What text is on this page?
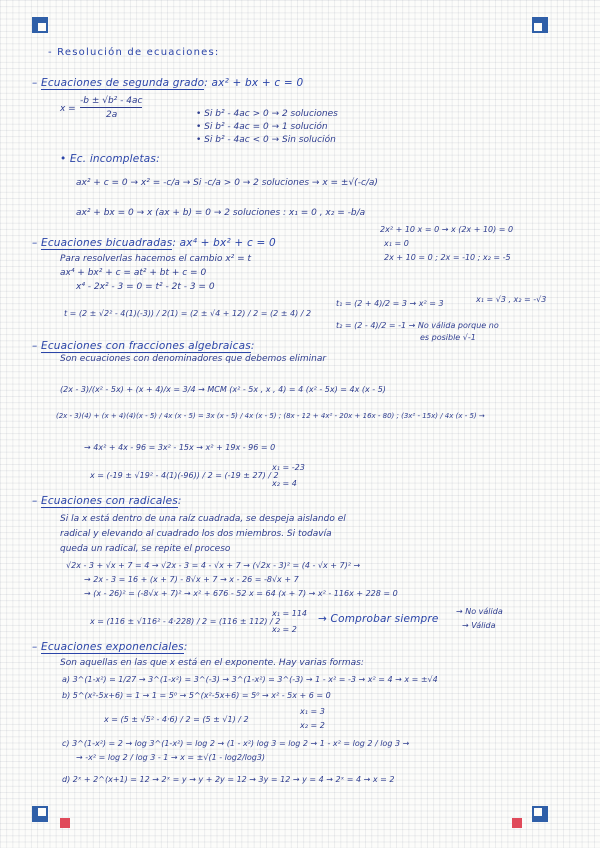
- Resolución de ecuaciones:
– Ecuaciones de segunda grado: ax² + bx + c = 0
x =
-b ± √b² - 4ac
2a	• Si b² - 4ac > 0 → 2 soluciones
• Si b² - 4ac = 0 → 1 solución
• Si b² - 4ac < 0 → Sin solución
• Ec. incompletas:
ax² + c = 0 → x² = -c/a → Si -c/a > 0 → 2 soluciones → x = ±√(-c/a)
ax² + bx = 0 → x (ax + b) = 0 → 2 soluciones : x₁ = 0 , x₂ = -b/a
2x² + 10 x = 0 → x (2x + 10) = 0
x₁ = 0
2x + 10 = 0 ; 2x = -10 ; x₂ = -5
– Ecuaciones bicuadradas: ax⁴ + bx² + c = 0
Para resolverlas hacemos el cambio x² = t
ax⁴ + bx² + c = at² + bt + c = 0
x⁴ - 2x² - 3 = 0 = t² - 2t - 3 = 0
t = (2 ± √2² - 4(1)(-3)) / 2(1) = (2 ± √4 + 12) / 2 = (2 ± 4) / 2
t₁ = (2 + 4)/2 = 3 → x² = 3	x₁ = √3 , x₂ = -√3
t₂ = (2 - 4)/2 = -1 → No válida porque no
es posible √-1
– Ecuaciones con fracciones algebraicas:
Son ecuaciones con denominadores que debemos eliminar
(2x - 3)/(x² - 5x) + (x + 4)/x = 3/4 → MCM (x² - 5x , x , 4) = 4 (x² - 5x) = 4x (x - 5)
(2x - 3)(4) + (x + 4)(4)(x - 5) / 4x (x - 5) = 3x (x - 5) / 4x (x - 5) ; (8x - 12 + 4x² - 20x + 16x - 80) ; (3x² - 15x) / 4x (x - 5) →
→ 4x² + 4x - 96 = 3x² - 15x → x² + 19x - 96 = 0
x = (-19 ± √19² - 4(1)(-96)) / 2 = (-19 ± 27) / 2
x₁ = -23
x₂ = 4
– Ecuaciones con radicales:
Si la x está dentro de una raíz cuadrada, se despeja aislando el
radical y elevando al cuadrado los dos miembros. Si todavía
queda un radical, se repite el proceso
√2x - 3 + √x + 7 = 4 → √2x - 3 = 4 - √x + 7 → (√2x - 3)² = (4 - √x + 7)² →
→ 2x - 3 = 16 + (x + 7) - 8√x + 7 → x - 26 = -8√x + 7
→ (x - 26)² = (-8√x + 7)² → x² + 676 - 52 x = 64 (x + 7) → x² - 116x + 228 = 0
x = (116 ± √116² - 4·228) / 2 = (116 ± 112) / 2
x₁ = 114
x₂ = 2
→ Comprobar siempre
→ No válida
→ Válida
– Ecuaciones exponenciales:
Son aquellas en las que x está en el exponente. Hay varias formas:
a) 3^(1-x²) = 1/27 → 3^(1-x²) = 3^(-3) → 3^(1-x²) = 3^(-3) → 1 - x² = -3 → x² = 4 → x = ±√4
b) 5^(x²-5x+6) = 1 → 1 = 5⁰ → 5^(x²-5x+6) = 5⁰ → x² - 5x + 6 = 0
x = (5 ± √5² - 4·6) / 2 = (5 ± √1) / 2
x₁ = 3
x₂ = 2
c) 3^(1-x²) = 2 → log 3^(1-x²) = log 2 → (1 - x²) log 3 = log 2 → 1 - x² = log 2 / log 3 →
→ -x² = log 2 / log 3 - 1 → x = ±√(1 - log2/log3)
d) 2ˣ + 2^(x+1) = 12 → 2ˣ = y → y + 2y = 12 → 3y = 12 → y = 4 → 2ˣ = 4 → x = 2
